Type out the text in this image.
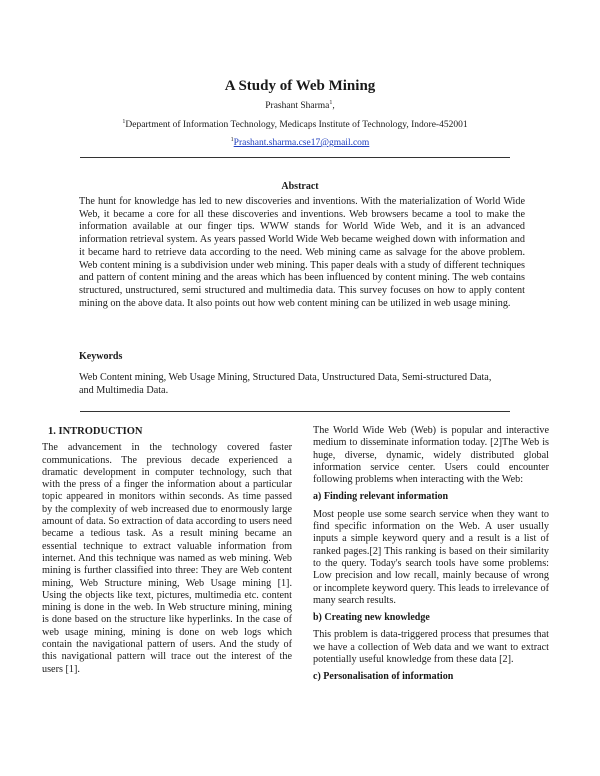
A Study of Web Mining
Prashant Sharma$^1$,
$^1$Department of Information Technology, Medicaps Institute of Technology, Indore-452001
$^1$Prashant.sharma.cse17@gmail.com
Abstract
The hunt for knowledge has led to new discoveries and inventions. With the materialization of World Wide Web, it became a core for all these discoveries and inventions. Web browsers became a tool to make the information available at our finger tips. WWW stands for World Wide Web, and it is an advanced information retrieval system. As years passed World Wide Web became weighed down with information and it became hard to retrieve data according to the need. Web mining came as salvage for the above problem. Web content mining is a subdivision under web mining. This paper deals with a study of different techniques and pattern of content mining and the areas which has been influenced by content mining. The web contains structured, unstructured, semi structured and multimedia data. This survey focuses on how to apply content mining on the above data. It also points out how web content mining can be utilized in web usage mining.
Keywords
Web Content mining, Web Usage Mining, Structured Data, Unstructured Data, Semi-structured Data, and Multimedia Data.
1. INTRODUCTION

The advancement in the technology covered faster communications. The previous decade experienced a dramatic development in computer technology, such that with the press of a finger the information about a particular topic appeared in monitors within seconds. As time passed by the complexity of web increased due to enormously large amount of data. So extraction of data according to users need became a tedious task. As a result mining became an essential technique to extract valuable information from internet. And this technique was named as web mining. Web mining is further classified into three: They are Web content mining, Web Structure mining, Web Usage mining [1]. Using the objects like text, pictures, multimedia etc. content mining is done in the web. In Web structure mining, mining is done based on the structure like hyperlinks. In the case of web usage mining, mining is done on web logs which contain the navigational pattern of users. And the study of this navigational pattern will trace out the interest of the users [1].

The World Wide Web (Web) is popular and interactive medium to disseminate information today. [2]The Web is huge, diverse, dynamic, widely distributed global information service center. Users could encounter following problems when interacting with the Web:

a) Finding relevant information

Most people use some search service when they want to find specific information on the Web. A user usually inputs a simple keyword query and a result is a list of ranked pages.[2] This ranking is based on their similarity to the query. Today's search tools have some problems: Low precision and low recall, mainly because of wrong or incomplete keyword query. This leads to irrelevance of many search results.

b) Creating new knowledge

This problem is data-triggered process that presumes that we have a collection of Web data and we want to extract potentially useful knowledge from these data [2].

c) Personalisation of information
